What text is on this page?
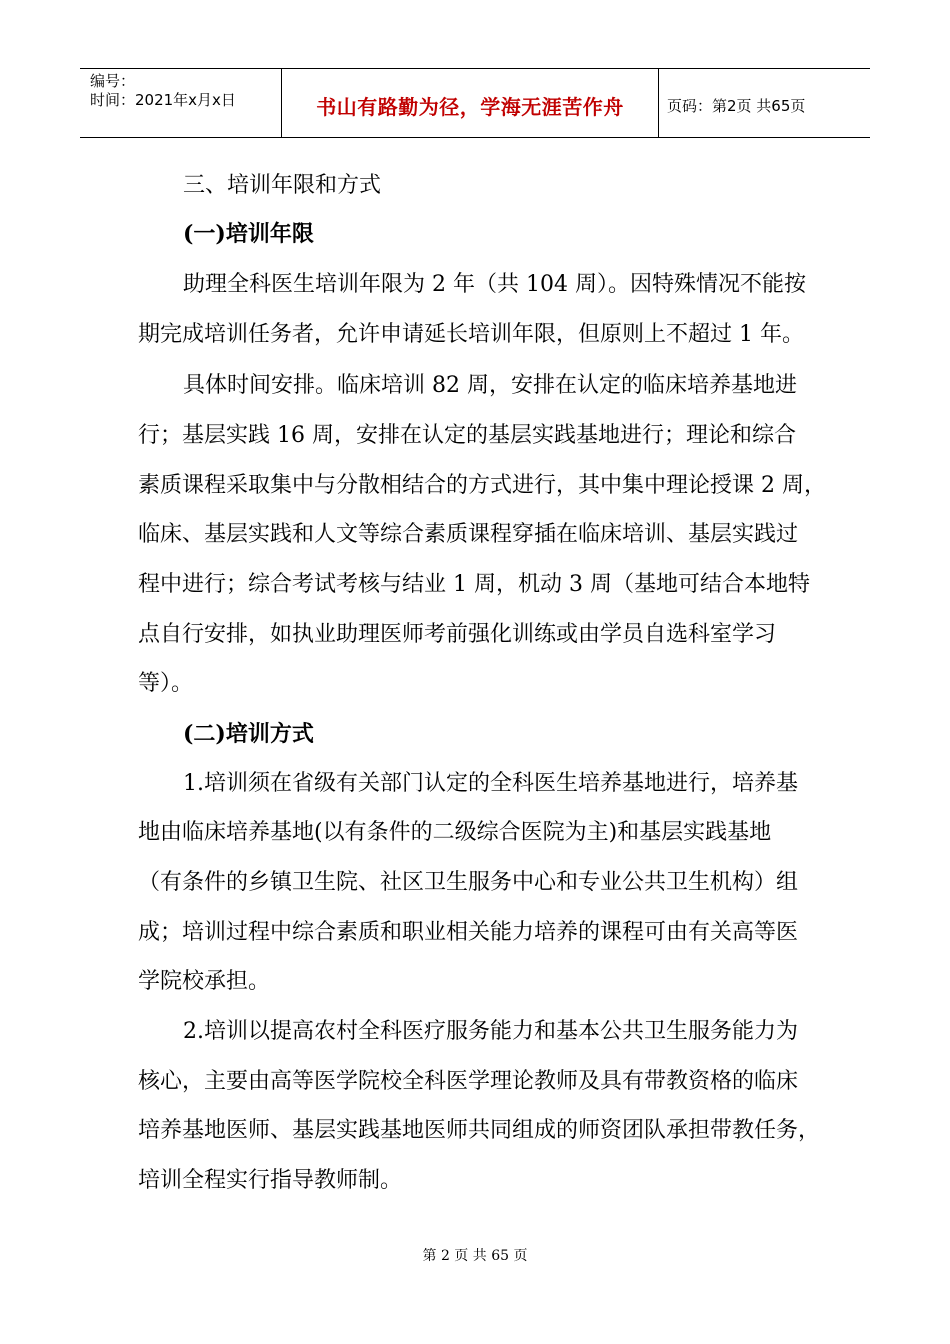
编号：
时间：2021年x月x日	书山有路勤为径，学海无涯苦作舟	页码：第2页 共65页
三、培训年限和方式
(一)培训年限
助理全科医生培训年限为 2 年（共 104 周）。因特殊情况不能按
期完成培训任务者，允许申请延长培训年限，但原则上不超过 1 年。
具体时间安排。临床培训 82 周，安排在认定的临床培养基地进
行；基层实践 16 周，安排在认定的基层实践基地进行；理论和综合
素质课程采取集中与分散相结合的方式进行，其中集中理论授课 2 周，
临床、基层实践和人文等综合素质课程穿插在临床培训、基层实践过
程中进行；综合考试考核与结业 1 周，机动 3 周（基地可结合本地特
点自行安排，如执业助理医师考前强化训练或由学员自选科室学习
等）。
(二)培训方式
1.培训须在省级有关部门认定的全科医生培养基地进行，培养基
地由临床培养基地(以有条件的二级综合医院为主)和基层实践基地
（有条件的乡镇卫生院、社区卫生服务中心和专业公共卫生机构）组
成；培训过程中综合素质和职业相关能力培养的课程可由有关高等医
学院校承担。
2.培训以提高农村全科医疗服务能力和基本公共卫生服务能力为
核心，主要由高等医学院校全科医学理论教师及具有带教资格的临床
培养基地医师、基层实践基地医师共同组成的师资团队承担带教任务，
培训全程实行指导教师制。
第 2 页 共 65 页
